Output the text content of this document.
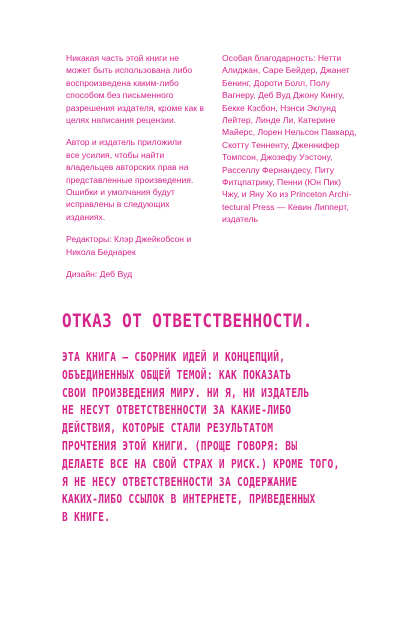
Никакая часть этой книги не
может быть использована либо
воспроизведена каким-либо
способом без письменного
разрешения издателя, кроме как в
целях написания рецензии.
Автор и издатель приложили
все усилия, чтобы найти
владельцев авторских прав на
представленные произведения.
Ошибки и умолчания будут
исправлены в следующих
изданиях.
Редакторы: Клэр Джейкобсон и
Никола Беднарек
Дизайн: Деб Вуд
Особая благодарность: Нетти
Алиджан, Саре Бейдер, Джанет
Бенинг, Дороти Болл, Полу
Вагнеру, Деб Вуд Джону Кингу,
Бекке Кэсбон, Нэнси Эклунд
Лейтер, Линде Ли, Катерине
Майерс, Лорен Нельсон Паккард,
Скотту Тенненту, Дженнифер
Томпсон, Джозефу Уэстону,
Расселлу Фернандесу, Питу
Фитцпатрику, Пенни (Юн Пик)
Чжу, и Яну Хо из Princeton Archi-
tectural Press — Кевин Липперт,
издатель
ОТКАЗ ОТ ОТВЕТСТВЕННОСТИ.
ЭТА КНИГА — СБОРНИК ИДЕЙ И КОНЦЕПЦИЙ,
ОБЪЕДИНЕННЫХ ОБЩЕЙ ТЕМОЙ: КАК ПОКАЗАТЬ
СВОИ ПРОИЗВЕДЕНИЯ МИРУ. НИ Я, НИ ИЗДАТЕЛЬ
НЕ НЕСУТ ОТВЕТСТВЕННОСТИ ЗА КАКИЕ-ЛИБО
ДЕЙСТВИЯ, КОТОРЫЕ СТАЛИ РЕЗУЛЬТАТОМ
ПРОЧТЕНИЯ ЭТОЙ КНИГИ. (ПРОЩЕ ГОВОРЯ: ВЫ
ДЕЛАЕТЕ ВСЕ НА СВОЙ СТРАХ И РИСК.) КРОМЕ ТОГО,
Я НЕ НЕСУ ОТВЕТСТВЕННОСТИ ЗА СОДЕРЖАНИЕ
КАКИХ-ЛИБО ССЫЛОК В ИНТЕРНЕТЕ, ПРИВЕДЕННЫХ
В КНИГЕ.
